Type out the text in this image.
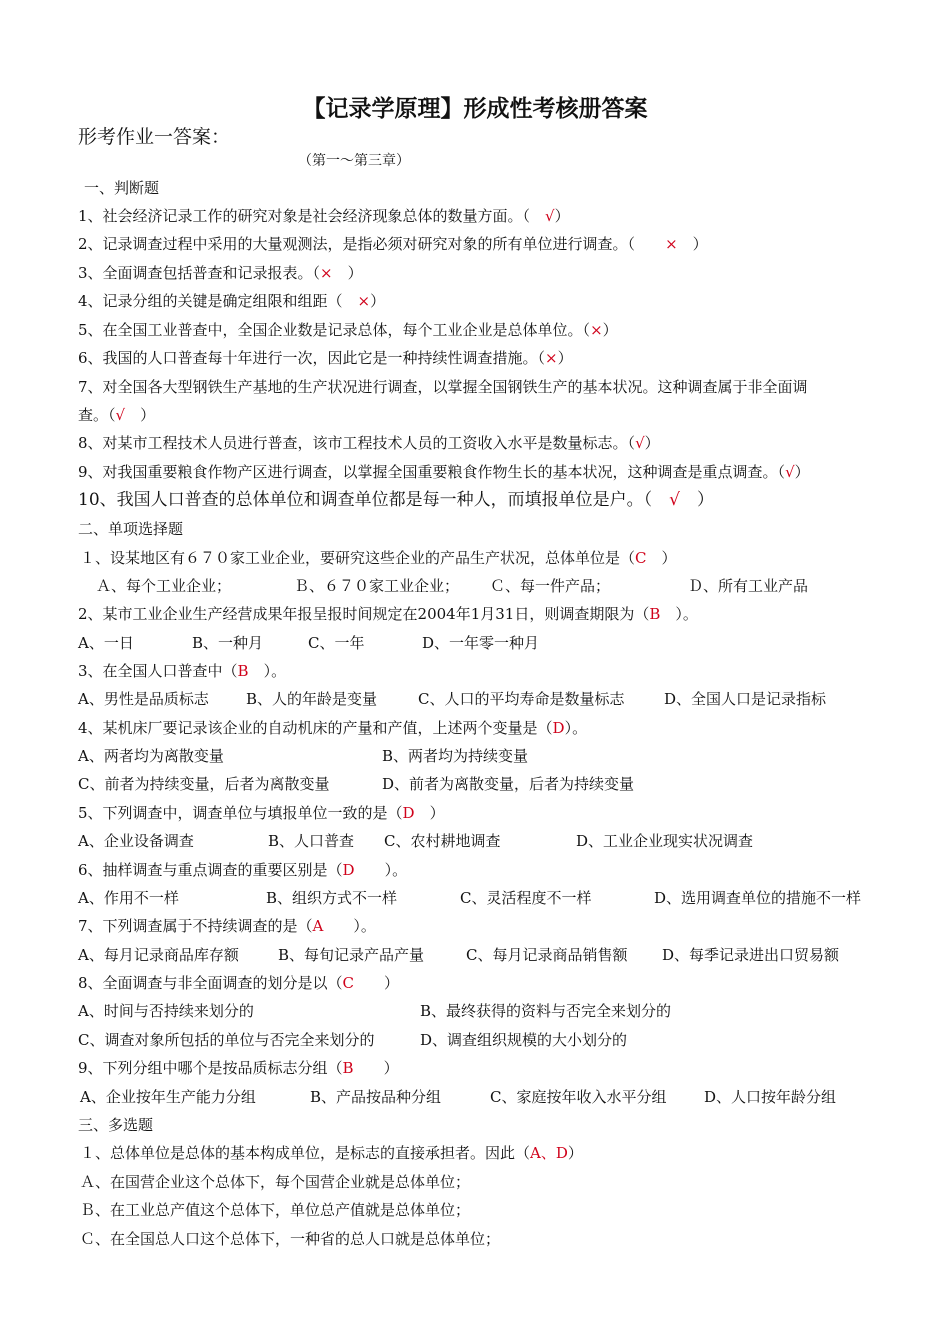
【记录学原理】形成性考核册答案
形考作业一答案：
（第一～第三章）
一、判断题
1、社会经济记录工作的研究对象是社会经济现象总体的数量方面。（　√）
2、记录调查过程中采用的大量观测法，是指必须对研究对象的所有单位进行调查。（　　×　）
3、全面调查包括普查和记录报表。（×　）
4、记录分组的关键是确定组限和组距（　×）
5、在全国工业普查中，全国企业数是记录总体，每个工业企业是总体单位。（×）
6、我国的人口普查每十年进行一次，因此它是一种持续性调查措施。（×）
7、对全国各大型钢铁生产基地的生产状况进行调查，以掌握全国钢铁生产的基本状况。这种调查属于非全面调
查。（√　）
8、对某市工程技术人员进行普查，该市工程技术人员的工资收入水平是数量标志。（√）
9、对我国重要粮食作物产区进行调查，以掌握全国重要粮食作物生长的基本状况，这种调查是重点调查。（√）
10、我国人口普查的总体单位和调查单位都是每一种人，而填报单位是户。（　√　）
二、单项选择题
１、设某地区有６７０家工业企业，要研究这些企业的产品生产状况，总体单位是（C　）
Ａ、每个工业企业；	Ｂ、６７０家工业企业； Ｃ、每一件产品；	Ｄ、所有工业产品
2、某市工业企业生产经营成果年报呈报时间规定在2004年1月31日，则调查期限为（B　）。
A、一日	B、一种月	C、一年	D、一年零一种月
3、在全国人口普查中（B　）。
A、男性是品质标志 B、人的年龄是变量	C、人口的平均寿命是数量标志	D、全国人口是记录指标
4、某机床厂要记录该企业的自动机床的产量和产值，上述两个变量是（D）。
A、两者均为离散变量	B、两者均为持续变量
C、前者为持续变量，后者为离散变量	D、前者为离散变量，后者为持续变量
5、下列调查中，调查单位与填报单位一致的是（D　）
A、企业设备调查	B、人口普查 C、农村耕地调查	D、工业企业现实状况调查
6、抽样调查与重点调查的重要区别是（D　　）。
A、作用不一样	B、组织方式不一样	C、灵活程度不一样	D、选用调查单位的措施不一样
7、下列调查属于不持续调查的是（A　　）。
A、每月记录商品库存额	B、每旬记录产品产量	C、每月记录商品销售额 D、每季记录进出口贸易额
8、全面调查与非全面调查的划分是以（C　　）
A、时间与否持续来划分的	B、最终获得的资料与否完全来划分的
C、调查对象所包括的单位与否完全来划分的	D、调查组织规模的大小划分的
9、下列分组中哪个是按品质标志分组（B　　）
A、企业按年生产能力分组	B、产品按品种分组	C、家庭按年收入水平分组	D、人口按年龄分组
三、多选题
１、总体单位是总体的基本构成单位，是标志的直接承担者。因此（A、D）
Ａ、在国营企业这个总体下，每个国营企业就是总体单位；
Ｂ、在工业总产值这个总体下，单位总产值就是总体单位；
Ｃ、在全国总人口这个总体下，一种省的总人口就是总体单位；
